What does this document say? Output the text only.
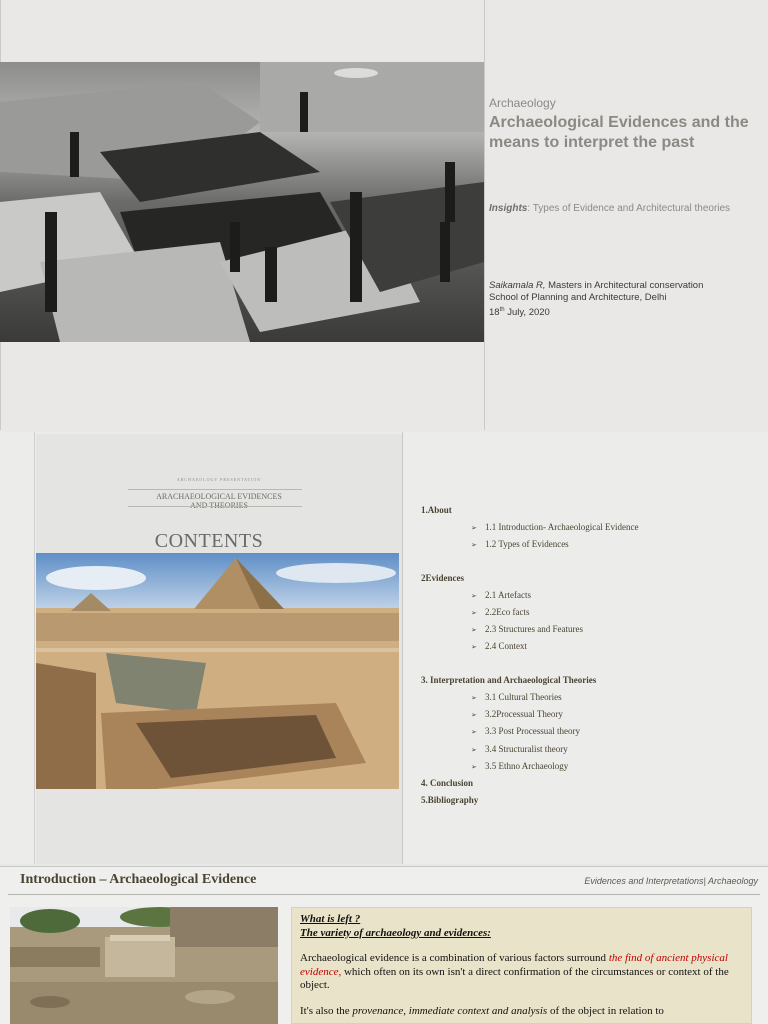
Archaeology
Archaeological Evidences and the means to interpret the past
Insights: Types of Evidence and Architectural theories
Saikamala R, Masters in Architectural conservation
School of Planning and Architecture, Delhi
18th July, 2020
ARCHAEOLOGY PRESENTATION
ARACHAEOLOGICAL EVIDENCES
CONTENTS
1.About
➢ 1.1 Introduction- Archaeological Evidence
➢ 1.2 Types of Evidences
2Evidences
➢ 2.1 Artefacts
➢ 2.2Eco facts
➢ 2.3 Structures and Features
➢ 2.4 Context
3. Interpretation and Archaeological Theories
➢ 3.1 Cultural Theories
➢ 3.2Processual Theory
➢ 3.3 Post Processual theory
➢ 3.4 Structuralist theory
➢ 3.5 Ethno Archaeology
4. Conclusion
5.Bibliography
Introduction – Archaeological Evidence	Evidences and Interpretations| Archaeology
What is left ?
The variety of archaeology and evidences:
Archaeological evidence is a combination of various factors surround the find of ancient physical evidence, which often on its own isn't a direct confirmation of the circumstances or context of the object.
It's also the provenance, immediate context and analysis of the object in relation to
